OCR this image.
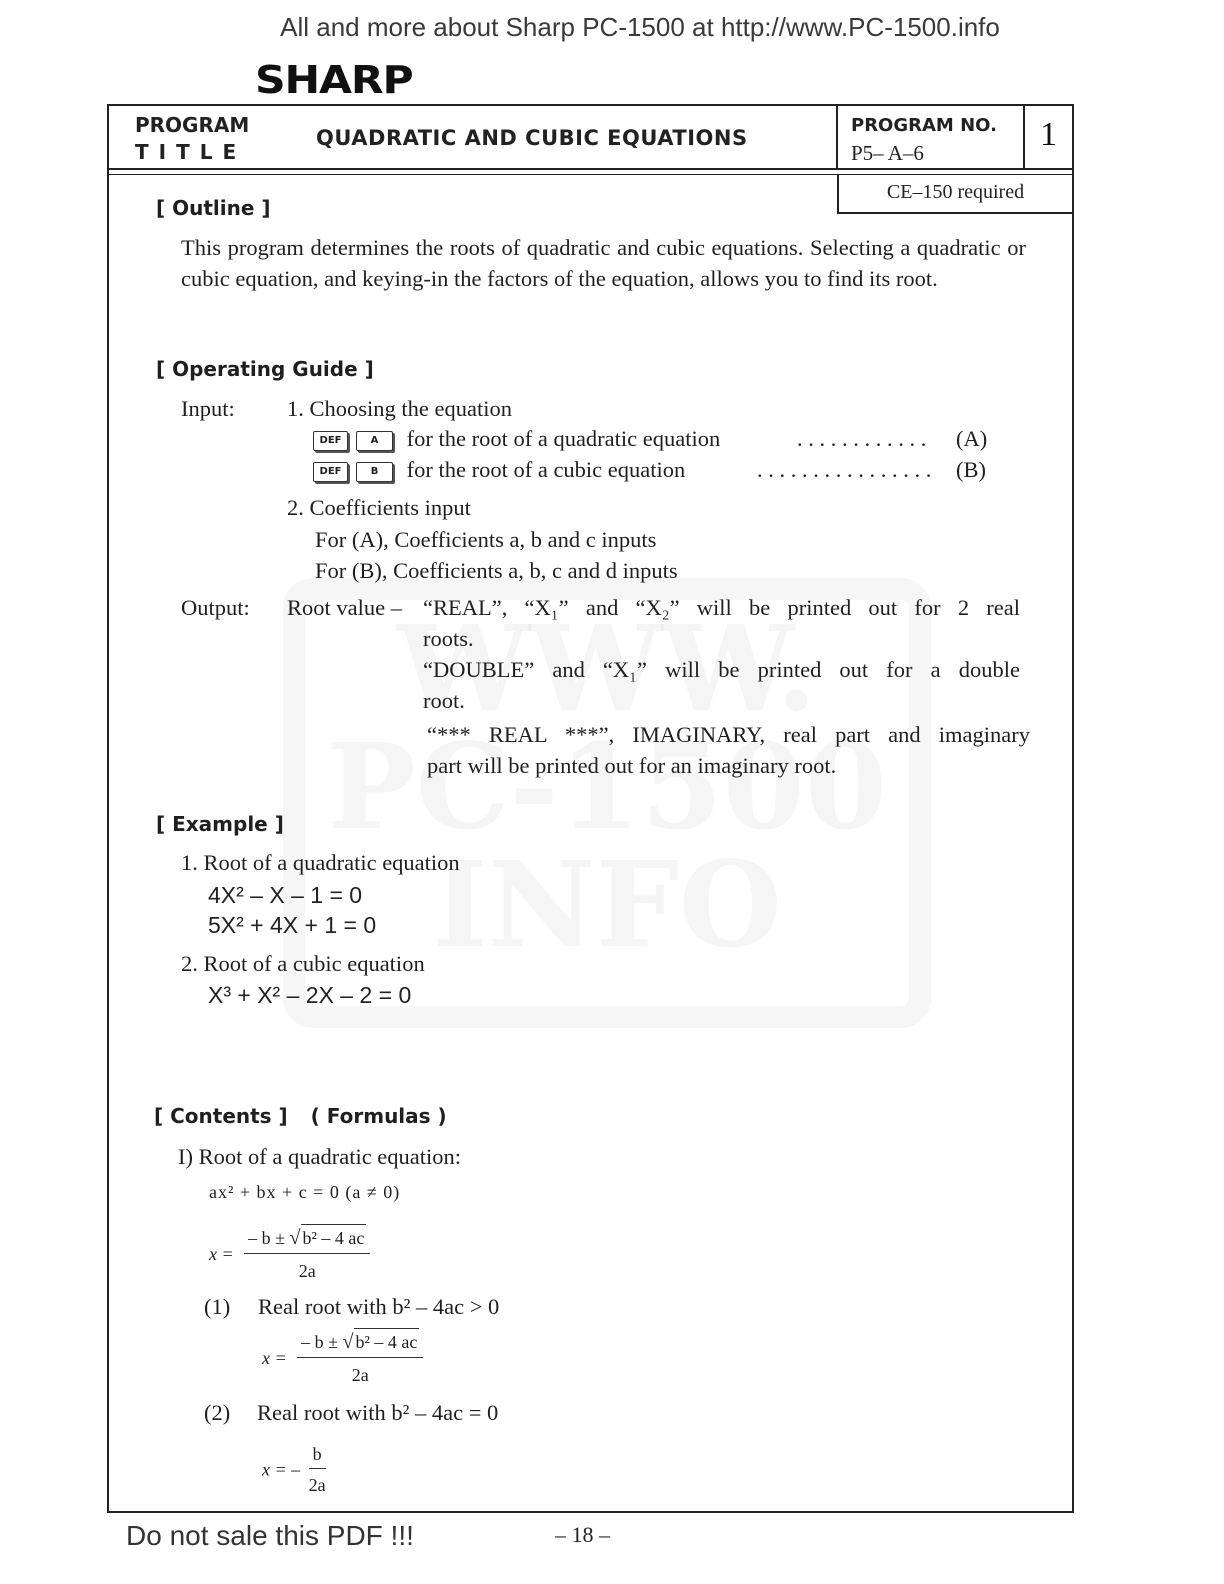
All and more about Sharp PC-1500 at http://www.PC-1500.info
SHARP
PROGRAM
TITLE
QUADRATIC AND CUBIC EQUATIONS
PROGRAM NO.
P5– A–6	1
CE–150 required
[ Outline ]
This program determines the roots of quadratic and cubic equations. Selecting a quadratic or cubic equation, and keying-in the factors of the equation, allows you to find its root.
[ Operating Guide ]
Input: 1. Choosing the equation
DEF	A for the root of a quadratic equation	. . . . . . . . . . . . (A)
DEF	B for the root of a cubic equation	. . . . . . . . . . . . . . . . (B)
2. Coefficients input
For (A), Coefficients a, b and c inputs
For (B), Coefficients a, b, c and d inputs
Output: Root value – “REAL”, “X₁” and “X₂” will be printed out for 2 real
roots.
“DOUBLE” and “X₁” will be printed out for a double
root.
“*** REAL ***”, IMAGINARY, real part and imaginary
part will be printed out for an imaginary root.
[ Example ]
1. Root of a quadratic equation
4X² – X – 1 = 0
5X² + 4X + 1 = 0
2. Root of a cubic equation
X³ + X² – 2X – 2 = 0
[ Contents ] ( Formulas )
I) Root of a quadratic equation:
ax² + bx + c = 0 (a ≠ 0)
$x = \frac{\text{– b ± √ b² – 4 ac}}{2a}$
(1) Real root with b² – 4ac > 0
$x = \frac{\text{– b ± √ b² – 4 ac}}{2a}$
(2) Real root with b² – 4ac = 0
x = – $\frac{b}{2a}$
Do not sale this PDF !!!	– 18 –
